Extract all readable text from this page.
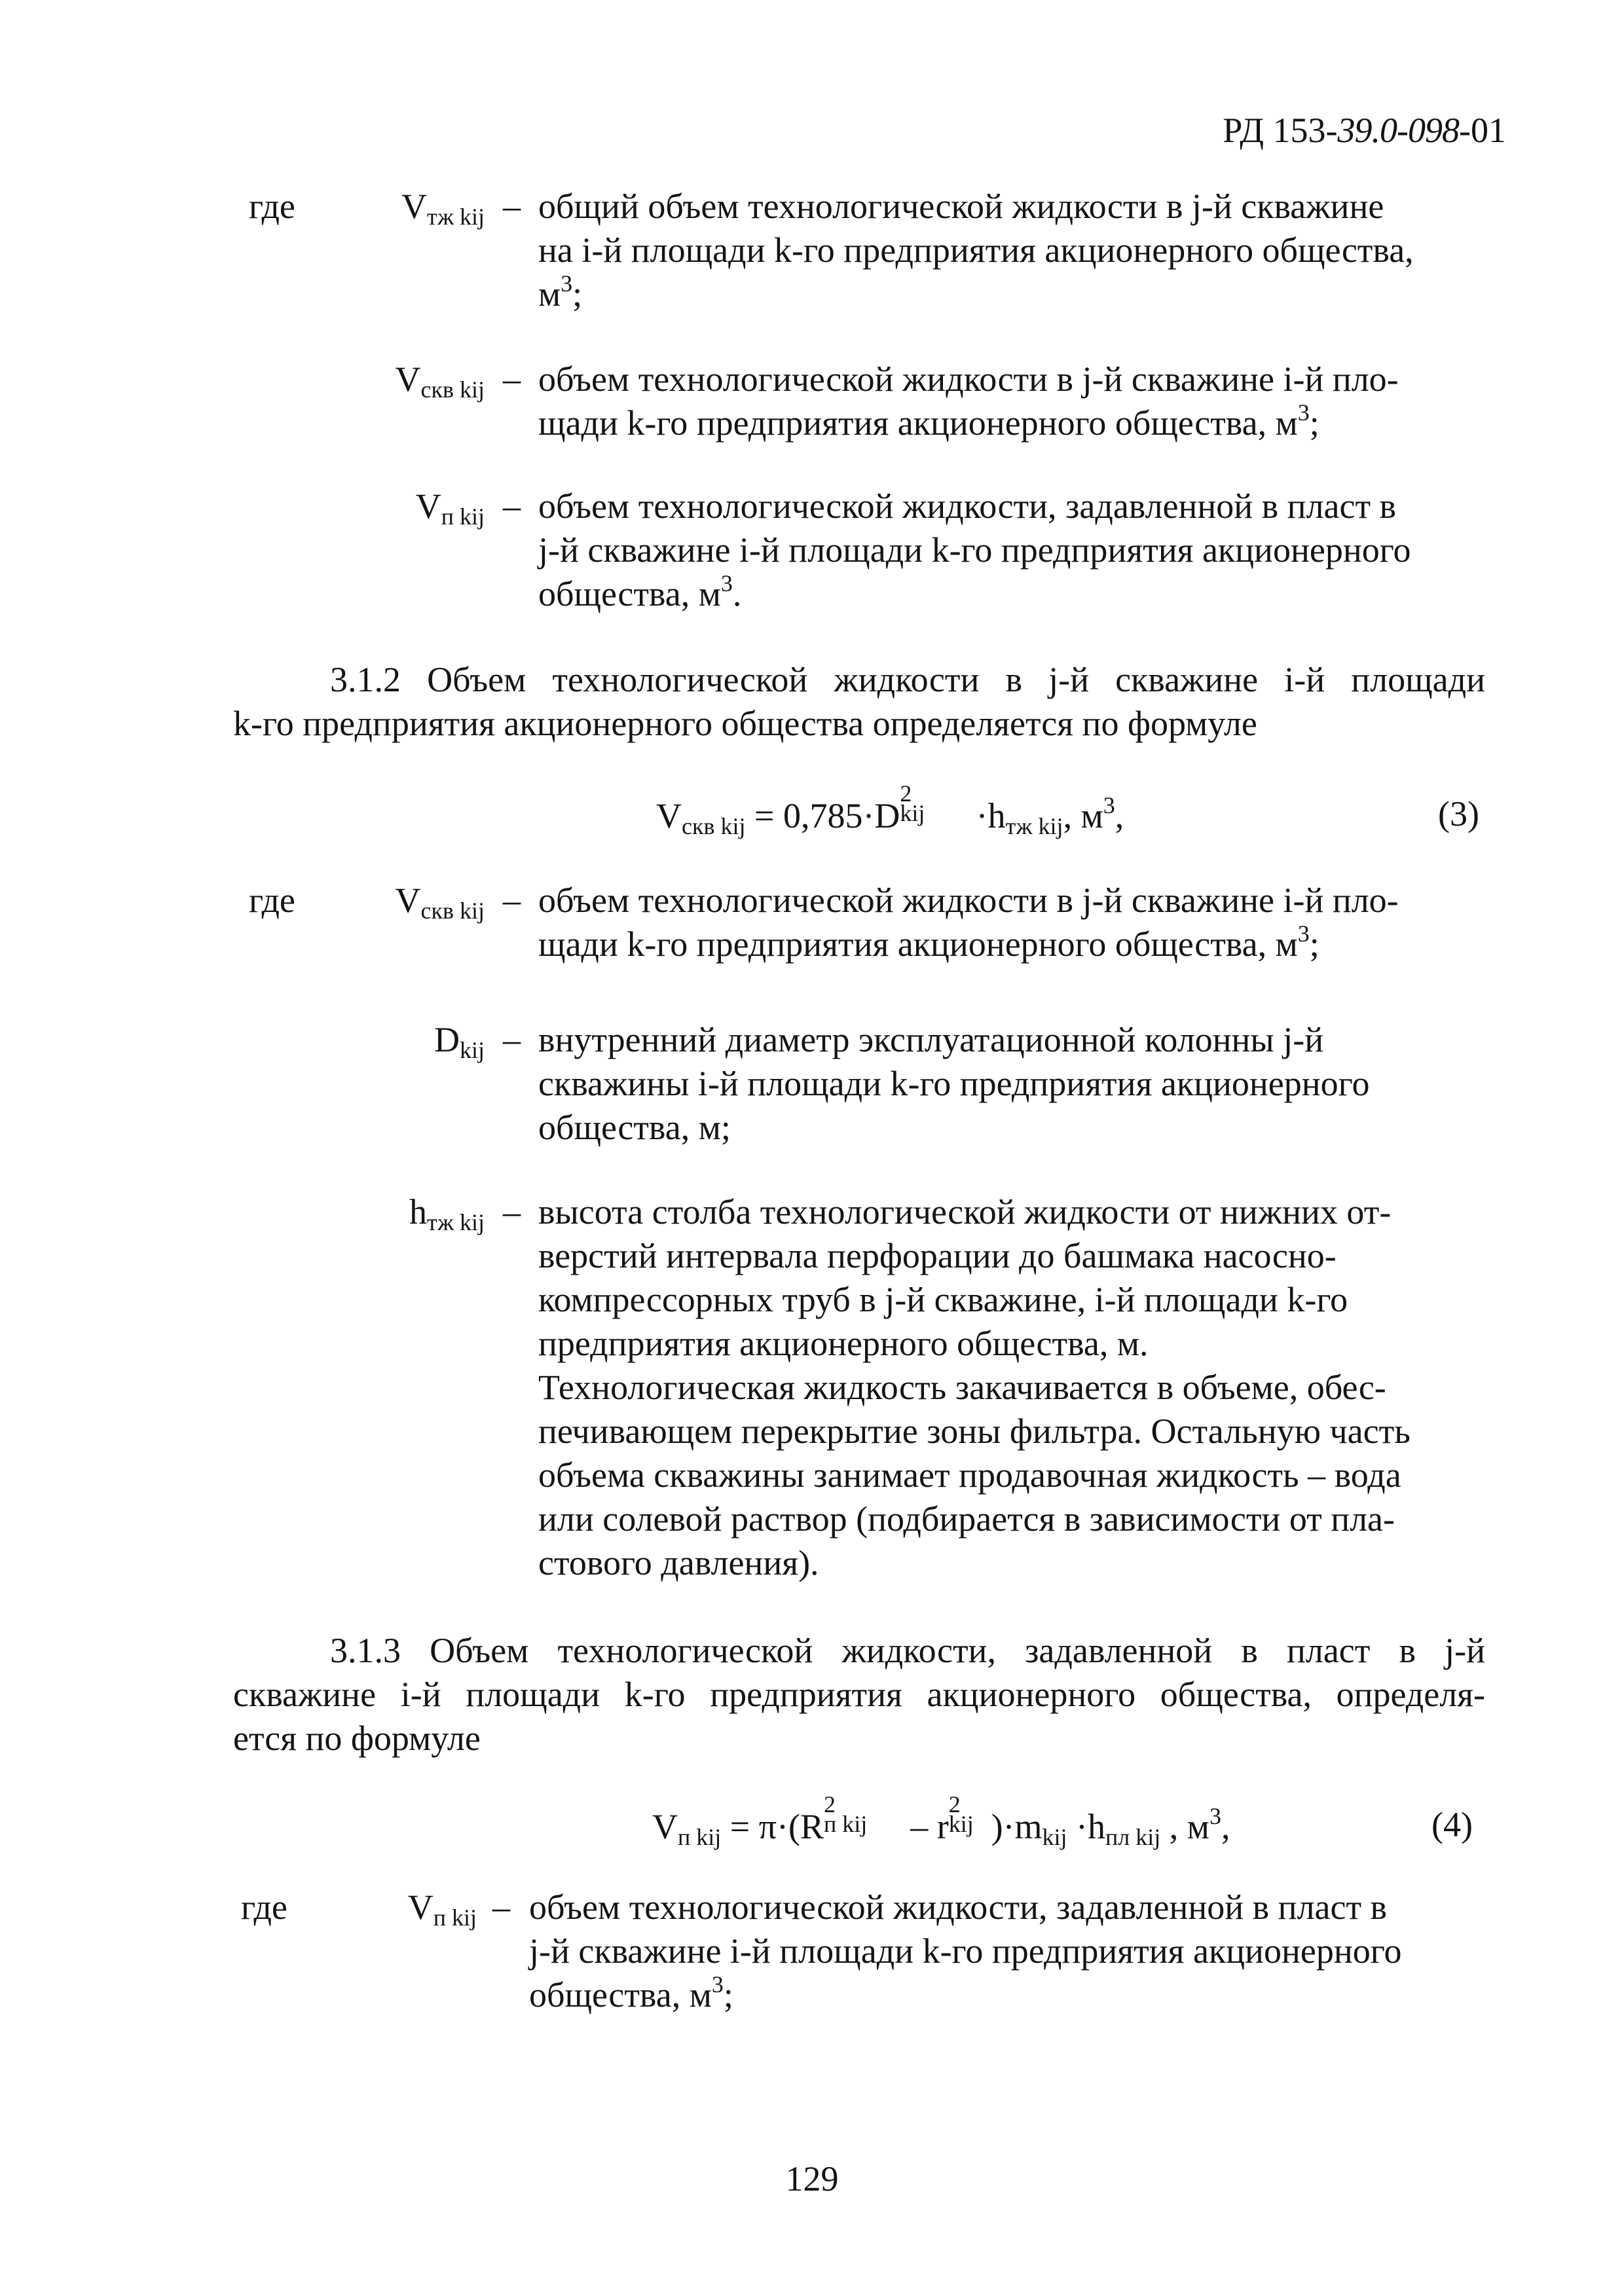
РД 153-39.0-098-01
где	$V_{тж kij}$ – общий объем технологической жидкости в j-й скважине
на i-й площади k-го предприятия акционерного общества,
$м^3$;
$V_{скв kij}$ – объем технологической жидкости в j-й скважине i-й пло-
щади k-го предприятия акционерного общества, $м^3$;
$V_{п kij}$ – объем технологической жидкости, задавленной в пласт в
j-й скважине i-й площади k-го предприятия акционерного
общества, $м^3$.
3.1.2 Объем технологической жидкости в j-й скважине i-й площади
k-го предприятия акционерного общества определяется по формуле
$V_{скв kij} = 0,785\cdot D$
2
kij $\cdot h_{тж kij}$, $м^3$,	(3)
где	$V_{скв kij}$ – объем технологической жидкости в j-й скважине i-й пло-
щади k-го предприятия акционерного общества, $м^3$;
$D_{kij}$ – внутренний диаметр эксплуатационной колонны j-й
скважины i-й площади k-го предприятия акционерного
общества, м;
$h_{тж kij}$ – высота столба технологической жидкости от нижних от-
верстий интервала перфорации до башмака насосно-
компрессорных труб в j-й скважине, i-й площади k-го
предприятия акционерного общества, м.
Технологическая жидкость закачивается в объеме, обес-
печивающем перекрытие зоны фильтра. Остальную часть
объема скважины занимает продавочная жидкость – вода
или солевой раствор (подбирается в зависимости от пла-
стового давления).
3.1.3 Объем технологической жидкости, задавленной в пласт в j-й
скважине i-й площади k-го предприятия акционерного общества, определя-
ется по формуле
$V_{п kij} = \pi\cdot(R$
2
п kij – r
2
kij )$\cdot m_{kij} \cdot h_{пл kij}$ , $м^3$,	(4)
где	$V_{п kij}$ – объем технологической жидкости, задавленной в пласт в
j-й скважине i-й площади k-го предприятия акционерного
общества, $м^3$;
129
